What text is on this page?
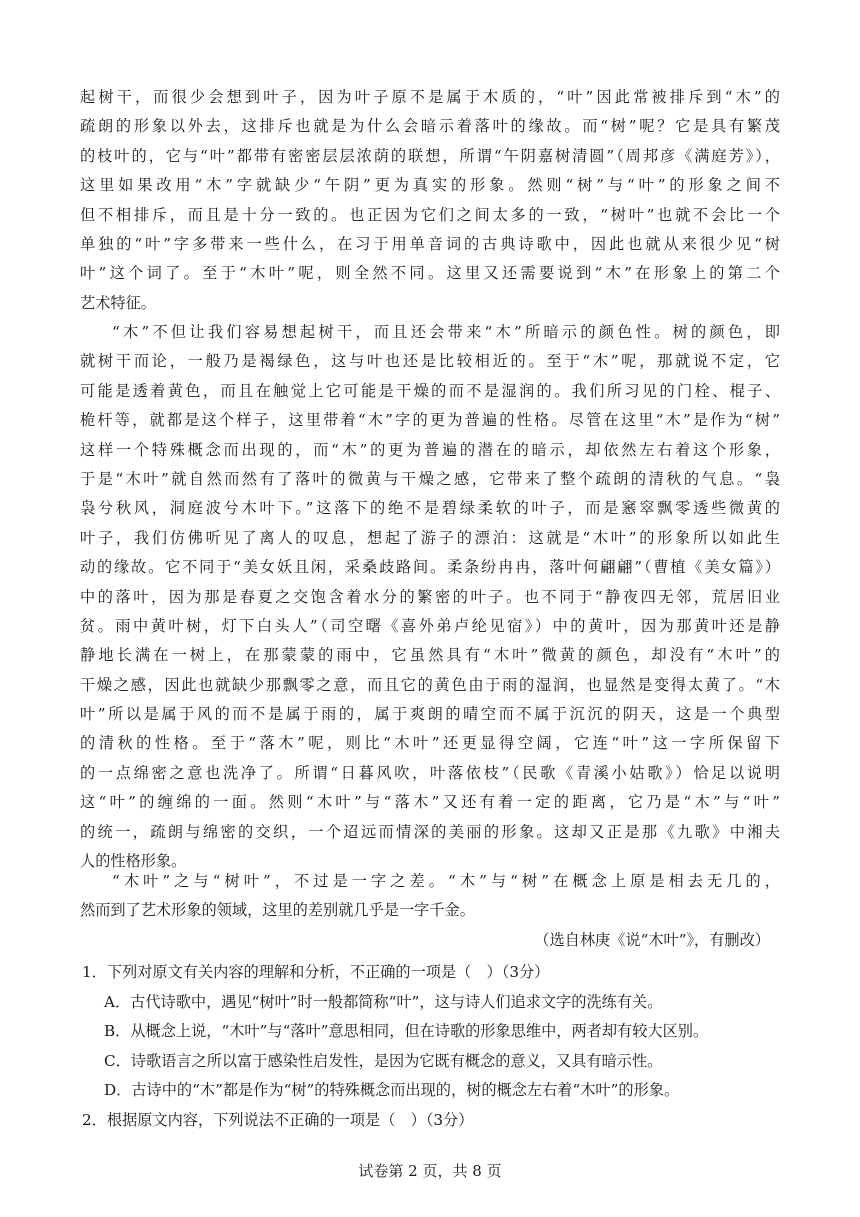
起树干，而很少会想到叶子，因为叶子原不是属于木质的，“叶”因此常被排斥到“木”的
疏朗的形象以外去，这排斥也就是为什么会暗示着落叶的缘故。而“树”呢？它是具有繁茂
的枝叶的，它与“叶”都带有密密层层浓荫的联想，所谓“午阴嘉树清圆”（周邦彦《满庭芳》），
这里如果改用“木”字就缺少“午阴”更为真实的形象。然则“树”与“叶”的形象之间不
但不相排斥，而且是十分一致的。也正因为它们之间太多的一致，“树叶”也就不会比一个
单独的“叶”字多带来一些什么，在习于用单音词的古典诗歌中，因此也就从来很少见“树
叶”这个词了。至于“木叶”呢，则全然不同。这里又还需要说到“木”在形象上的第二个
艺术特征。
“木”不但让我们容易想起树干，而且还会带来“木”所暗示的颜色性。树的颜色，即
就树干而论，一般乃是褐绿色，这与叶也还是比较相近的。至于“木”呢，那就说不定，它
可能是透着黄色，而且在触觉上它可能是干燥的而不是湿润的。我们所习见的门栓、棍子、
桅杆等，就都是这个样子，这里带着“木”字的更为普遍的性格。尽管在这里“木”是作为“树”
这样一个特殊概念而出现的，而“木”的更为普遍的潜在的暗示，却依然左右着这个形象，
于是“木叶”就自然而然有了落叶的微黄与干燥之感，它带来了整个疏朗的清秋的气息。“袅
袅兮秋风，洞庭波兮木叶下。”这落下的绝不是碧绿柔软的叶子，而是窸窣飘零透些微黄的
叶子，我们仿佛听见了离人的叹息，想起了游子的漂泊：这就是“木叶”的形象所以如此生
动的缘故。它不同于“美女妖且闲，采桑歧路间。柔条纷冉冉，落叶何翩翩”（曹植《美女篇》）
中的落叶，因为那是春夏之交饱含着水分的繁密的叶子。也不同于“静夜四无邻，荒居旧业
贫。雨中黄叶树，灯下白头人”（司空曙《喜外弟卢纶见宿》）中的黄叶，因为那黄叶还是静
静地长满在一树上，在那蒙蒙的雨中，它虽然具有“木叶”微黄的颜色，却没有“木叶”的
干燥之感，因此也就缺少那飘零之意，而且它的黄色由于雨的湿润，也显然是变得太黄了。“木
叶”所以是属于风的而不是属于雨的，属于爽朗的晴空而不属于沉沉的阴天，这是一个典型
的清秋的性格。至于“落木”呢，则比“木叶”还更显得空阔，它连“叶”这一字所保留下
的一点绵密之意也洗净了。所谓“日暮风吹，叶落依枝”（民歌《青溪小姑歌》）恰足以说明
这“叶”的缠绵的一面。然则“木叶”与“落木”又还有着一定的距离，它乃是“木”与“叶”
的统一，疏朗与绵密的交织，一个迢远而情深的美丽的形象。这却又正是那《九歌》中湘夫
人的性格形象。
“木叶”之与“树叶”，不过是一字之差。“木”与“树”在概念上原是相去无几的，
然而到了艺术形象的领域，这里的差别就几乎是一字千金。
（选自林庚《说“木叶”》，有删改）
1．下列对原文有关内容的理解和分析，不正确的一项是（　）（3分）
A．古代诗歌中，遇见“树叶”时一般都简称“叶”，这与诗人们追求文字的洗练有关。
B．从概念上说，“木叶”与“落叶”意思相同，但在诗歌的形象思维中，两者却有较大区别。
C．诗歌语言之所以富于感染性启发性，是因为它既有概念的意义，又具有暗示性。
D．古诗中的“木”都是作为“树”的特殊概念而出现的，树的概念左右着“木叶”的形象。
2．根据原文内容，下列说法不正确的一项是（　）（3分）
试卷第 2 页，共 8 页
